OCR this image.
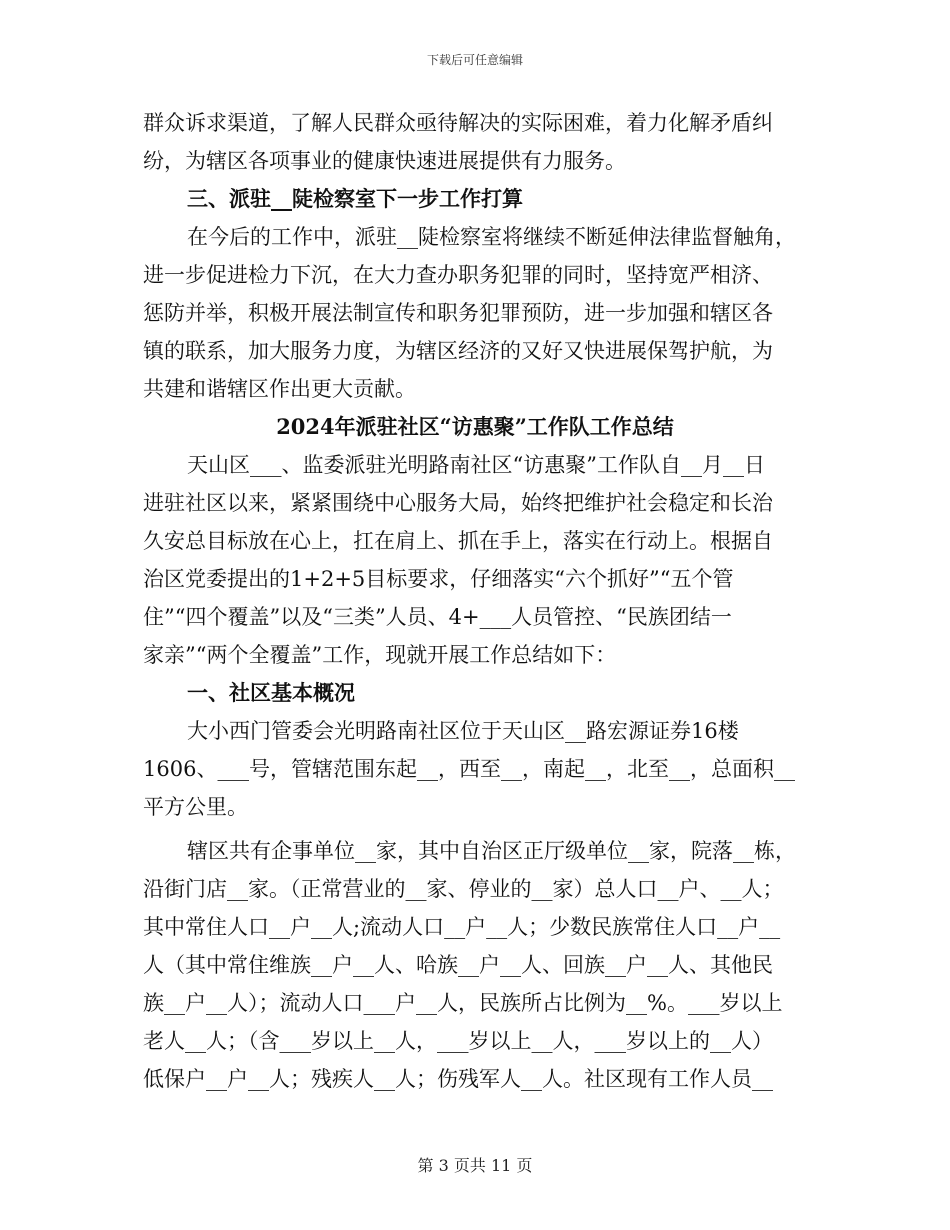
下载后可任意编辑
群众诉求渠道，了解人民群众亟待解决的实际困难，着力化解矛盾纠
纷，为辖区各项事业的健康快速进展提供有力服务。
三、派驻__陡检察室下一步工作打算
在今后的工作中，派驻__陡检察室将继续不断延伸法律监督触角，
进一步促进检力下沉，在大力查办职务犯罪的同时，坚持宽严相济、
惩防并举，积极开展法制宣传和职务犯罪预防，进一步加强和辖区各
镇的联系，加大服务力度，为辖区经济的又好又快进展保驾护航，为
共建和谐辖区作出更大贡献。
2024年派驻社区“访惠聚”工作队工作总结
天山区___、监委派驻光明路南社区“访惠聚”工作队自__月__日
进驻社区以来，紧紧围绕中心服务大局，始终把维护社会稳定和长治
久安总目标放在心上，扛在肩上、抓在手上，落实在行动上。根据自
治区党委提出的1+2+5目标要求，仔细落实“六个抓好”“五个管
住”“四个覆盖”以及“三类”人员、4+___人员管控、“民族团结一
家亲”“两个全覆盖”工作，现就开展工作总结如下：
一、社区基本概况
大小西门管委会光明路南社区位于天山区__路宏源证券16楼
1606、___号，管辖范围东起__，西至__，南起__，北至__，总面积__
平方公里。
辖区共有企事单位__家，其中自治区正厅级单位__家，院落__栋，
沿街门店__家。（正常营业的__家、停业的__家）总人口__户、__人；
其中常住人口__户__人;流动人口__户__人；少数民族常住人口__户__
人（其中常住维族__户__人、哈族__户__人、回族__户__人、其他民
族__户__人）；流动人口___户__人，民族所占比例为__%。___岁以上
老人__人；（含___岁以上__人，___岁以上__人，___岁以上的__人）
低保户__户__人；残疾人__人；伤残军人__人。社区现有工作人员__
第 3 页共 11 页
